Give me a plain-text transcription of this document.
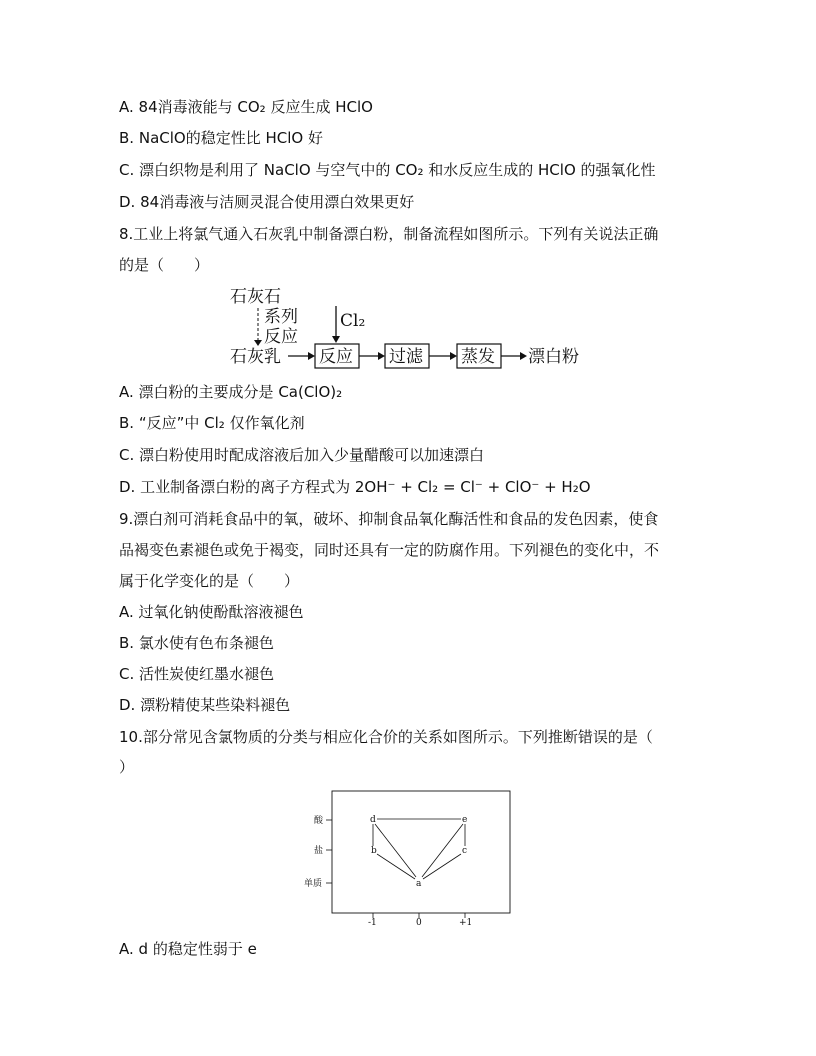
A. 84消毒液能与 CO₂ 反应生成 HClO
B. NaClO的稳定性比 HClO 好
C. 漂白织物是利用了 NaClO 与空气中的 CO₂ 和水反应生成的 HClO 的强氧化性
D. 84消毒液与洁厕灵混合使用漂白效果更好
8.工业上将氯气通入石灰乳中制备漂白粉，制备流程如图所示。下列有关说法正确
的是（　　）
石灰石
系列
反应
Cl₂
石灰乳 反应 过滤 蒸发 漂白粉
A. 漂白粉的主要成分是 Ca(ClO)₂
B. “反应”中 Cl₂ 仅作氧化剂
C. 漂白粉使用时配成溶液后加入少量醋酸可以加速漂白
D. 工业制备漂白粉的离子方程式为 2OH⁻ + Cl₂ = Cl⁻ + ClO⁻ + H₂O
9.漂白剂可消耗食品中的氧，破坏、抑制食品氧化酶活性和食品的发色因素，使食
品褐变色素褪色或免于褐变，同时还具有一定的防腐作用。下列褪色的变化中，不
属于化学变化的是（　　）
A. 过氧化钠使酚酞溶液褪色
B. 氯水使有色布条褪色
C. 活性炭使红墨水褪色
D. 漂粉精使某些染料褪色
10.部分常见含氯物质的分类与相应化合价的关系如图所示。下列推断错误的是（
）
酸
盐
单质
-1	0	+1
d	e
b	c
a
A. d 的稳定性弱于 e
